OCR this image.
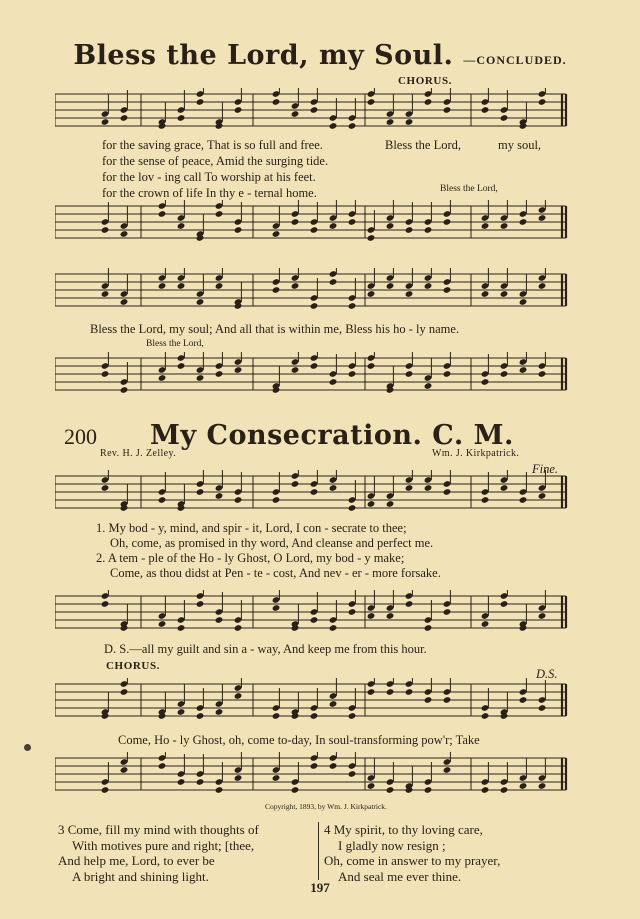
Bless the Lord, my Soul. —CONCLUDED.
CHORUS.
for the saving grace, That is so full and free.
for the sense of peace, Amid the surging tide.
for the lov - ing call To worship at his feet.
for the crown of life In thy e - ternal home.
Bless the Lord,	my soul,
Bless the Lord,
Bless the Lord, my soul; And all that is within me, Bless his ho - ly name.
Bless the Lord,
200 My Consecration. C. M.
Rev. H. J. Zelley.	Wm. J. Kirkpatrick.
Fine.
1. My bod - y, mind, and spir - it, Lord, I con - secrate to thee;
Oh, come, as promised in thy word, And cleanse and perfect me.
2. A tem - ple of the Ho - ly Ghost, O Lord, my bod - y make;
Come, as thou didst at Pen - te - cost, And nev - er - more forsake.
D. S.—all my guilt and sin a - way, And keep me from this hour.
CHORUS.
D.S.
Come, Ho - ly Ghost, oh, come to-day, In soul-transforming pow'r; Take
Copyright, 1893, by Wm. J. Kirkpatrick.
3 Come, fill my mind with thoughts of
With motives pure and right; [thee,
And help me, Lord, to ever be
A bright and shining light.
4 My spirit, to thy loving care,
I gladly now resign ;
Oh, come in answer to my prayer,
And seal me ever thine.
197
